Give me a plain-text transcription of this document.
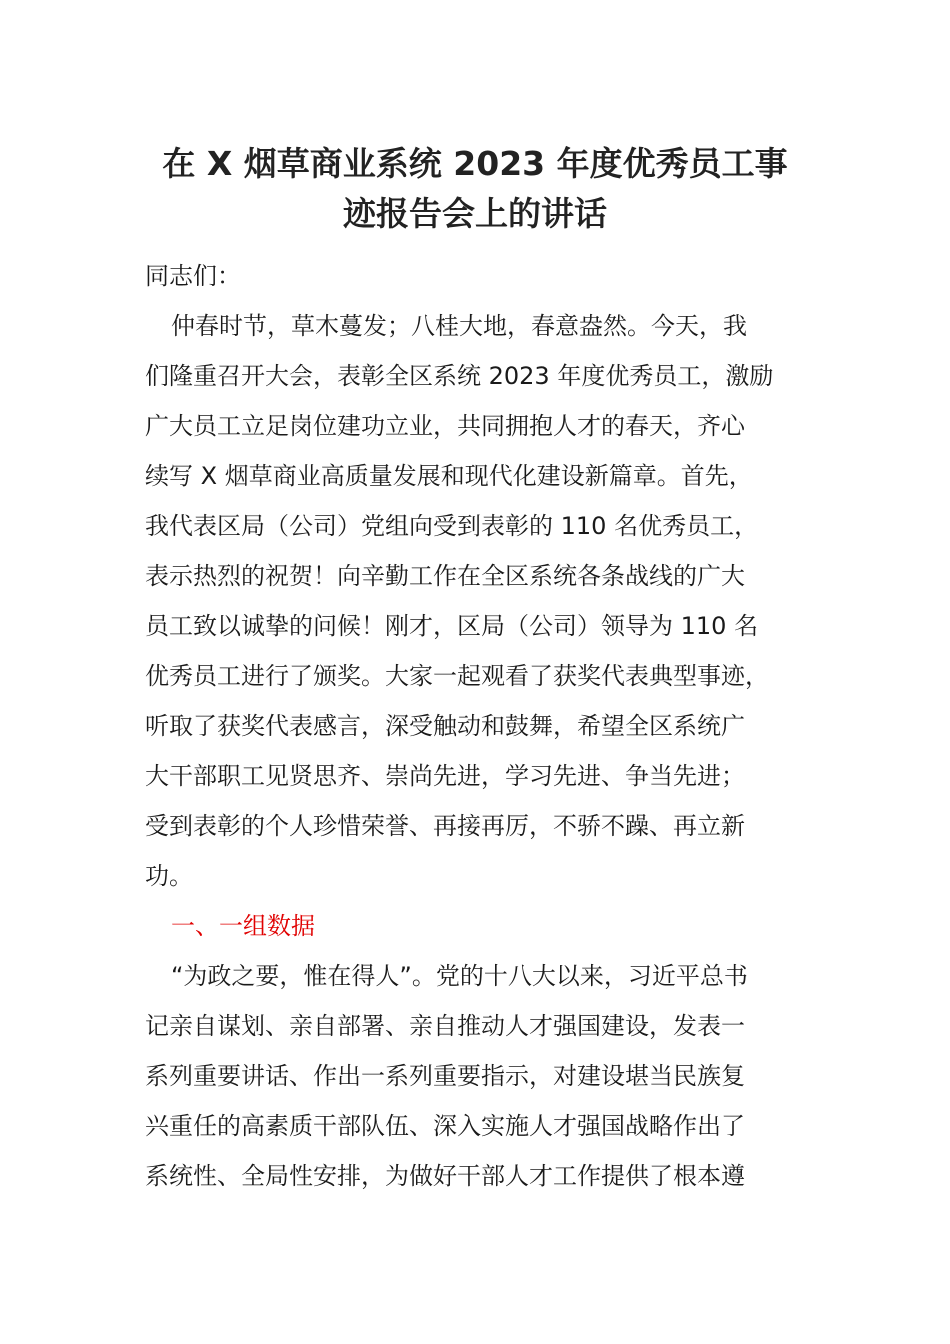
在 X 烟草商业系统 2023 年度优秀员工事
迹报告会上的讲话
同志们：
仲春时节，草木蔓发；八桂大地，春意盎然。今天，我
们隆重召开大会，表彰全区系统 2023 年度优秀员工，激励
广大员工立足岗位建功立业，共同拥抱人才的春天，齐心
续写 X 烟草商业高质量发展和现代化建设新篇章。首先，
我代表区局（公司）党组向受到表彰的 110 名优秀员工，
表示热烈的祝贺！向辛勤工作在全区系统各条战线的广大
员工致以诚挚的问候！刚才，区局（公司）领导为 110 名
优秀员工进行了颁奖。大家一起观看了获奖代表典型事迹，
听取了获奖代表感言，深受触动和鼓舞，希望全区系统广
大干部职工见贤思齐、崇尚先进，学习先进、争当先进；
受到表彰的个人珍惜荣誉、再接再厉，不骄不躁、再立新
功。
一、一组数据
“为政之要，惟在得人”。党的十八大以来，习近平总书
记亲自谋划、亲自部署、亲自推动人才强国建设，发表一
系列重要讲话、作出一系列重要指示，对建设堪当民族复
兴重任的高素质干部队伍、深入实施人才强国战略作出了
系统性、全局性安排，为做好干部人才工作提供了根本遵
